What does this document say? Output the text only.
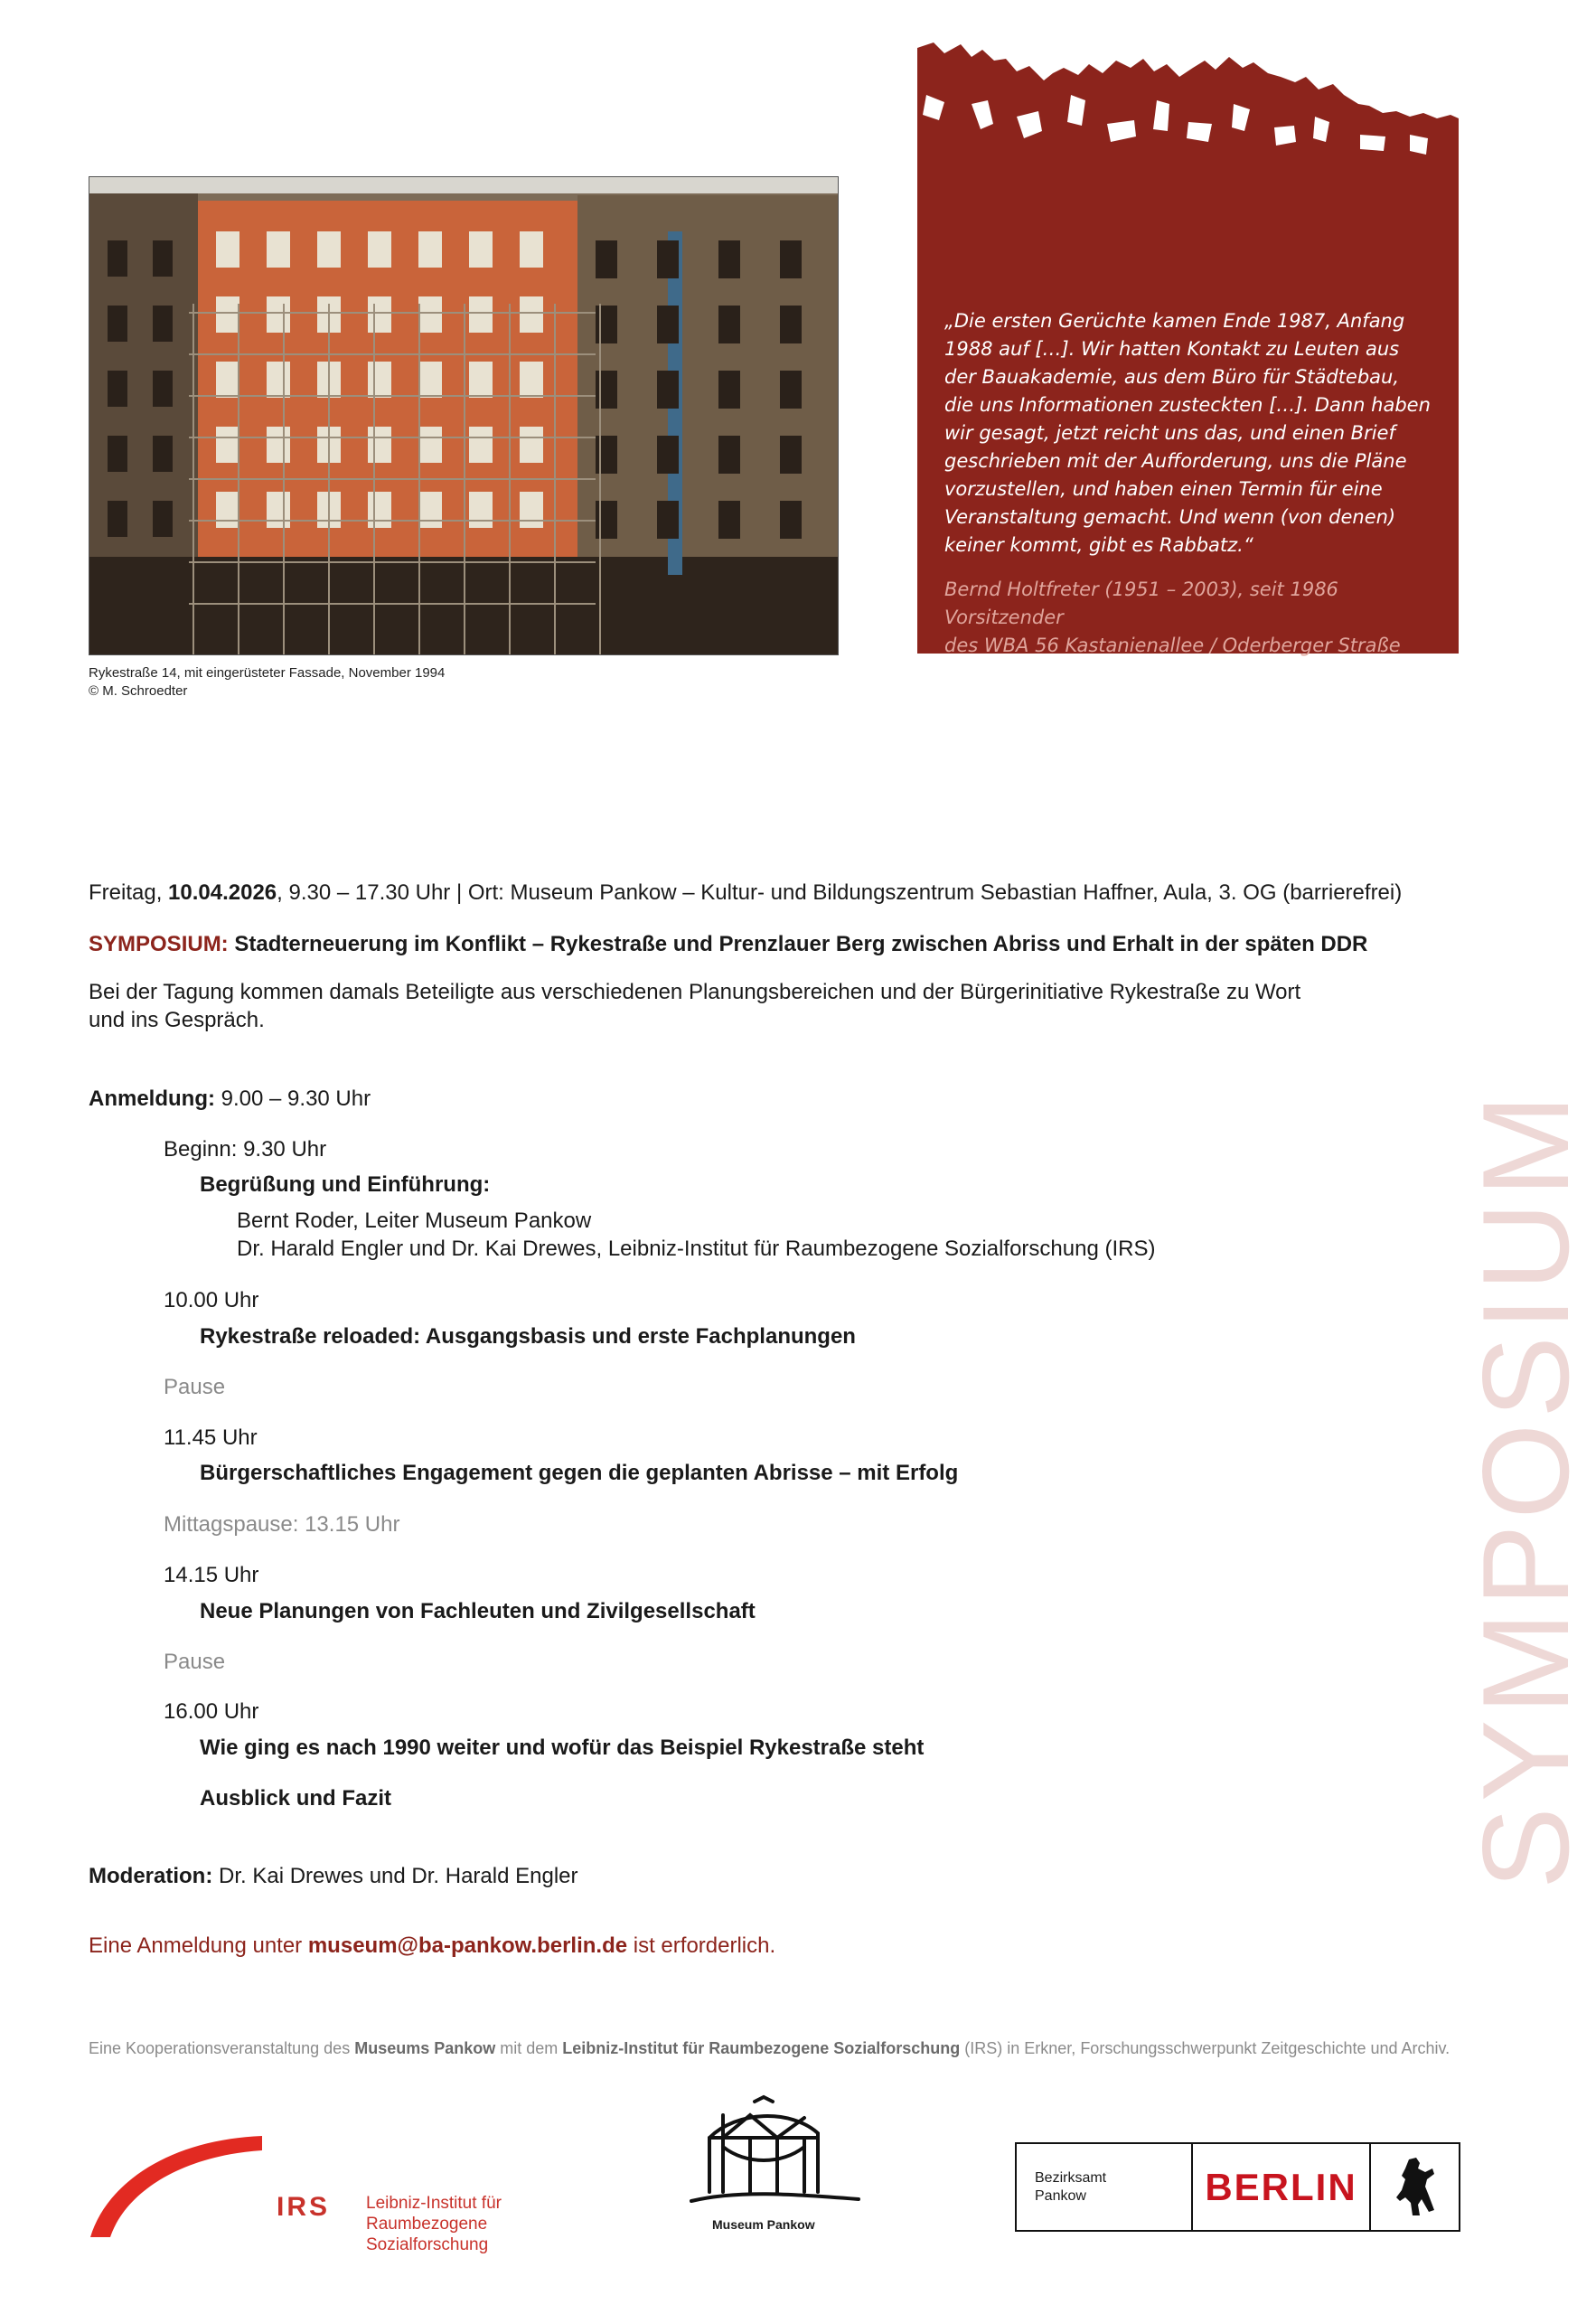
Rykestraße 14, mit eingerüsteter Fassade, November 1994
© M. Schroedter
„Die ersten Gerüchte kamen Ende 1987, Anfang
1988 auf […]. Wir hatten Kontakt zu Leuten aus
der Bauakademie, aus dem Büro für Städtebau,
die uns Informationen zusteckten […]. Dann haben
wir gesagt, jetzt reicht uns das, und einen Brief
geschrieben mit der Aufforderung, uns die Pläne
vorzustellen, und haben einen Termin für eine
Veranstaltung gemacht. Und wenn (von denen)
keiner kommt, gibt es Rabbatz.“
Bernd Holtfreter (1951 – 2003), seit 1986 Vorsitzender
des WBA 56 Kastanienallee / Oderberger Straße
Freitag, 10.04.2026, 9.30 – 17.30 Uhr | Ort: Museum Pankow – Kultur- und Bildungszentrum Sebastian Haffner, Aula, 3. OG (barrierefrei)
SYMPOSIUM: Stadterneuerung im Konflikt – Rykestraße und Prenzlauer Berg zwischen Abriss und Erhalt in der späten DDR
Bei der Tagung kommen damals Beteiligte aus verschiedenen Planungsbereichen und der Bürgerinitiative Rykestraße zu Wort
und ins Gespräch.
Anmeldung: 9.00 – 9.30 Uhr
Beginn: 9.30 Uhr
Begrüßung und Einführung:
Bernt Roder, Leiter Museum Pankow
Dr. Harald Engler und Dr. Kai Drewes, Leibniz-Institut für Raumbezogene Sozialforschung (IRS)
10.00 Uhr
Rykestraße reloaded: Ausgangsbasis und erste Fachplanungen
Pause
11.45 Uhr
Bürgerschaftliches Engagement gegen die geplanten Abrisse – mit Erfolg
Mittagspause: 13.15 Uhr
14.15 Uhr
Neue Planungen von Fachleuten und Zivilgesellschaft
Pause
16.00 Uhr
Wie ging es nach 1990 weiter und wofür das Beispiel Rykestraße steht
Ausblick und Fazit
Moderation: Dr. Kai Drewes und Dr. Harald Engler	SYMPOSIUM
Eine Anmeldung unter museum@ba-pankow.berlin.de ist erforderlich.
Eine Kooperationsveranstaltung des Museums Pankow mit dem Leibniz-Institut für Raumbezogene Sozialforschung (IRS) in Erkner, Forschungsschwerpunkt Zeitgeschichte und Archiv.
IRS Leibniz-Institut für
Raumbezogene Sozialforschung
Museum Pankow
Bezirksamt
Pankow	BERLIN
